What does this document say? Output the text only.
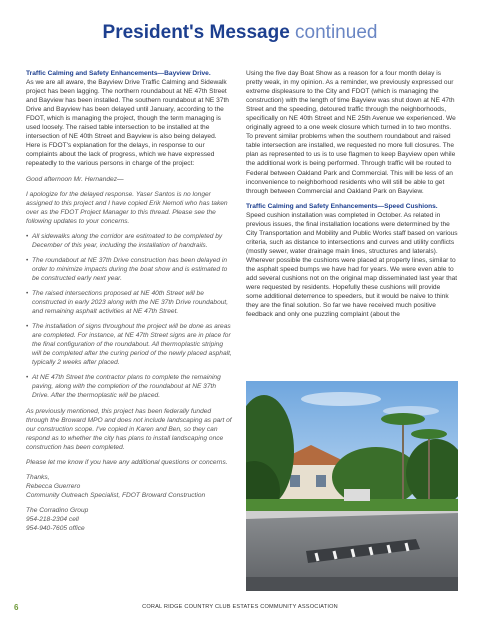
President's Message continued
Traffic Calming and Safety Enhancements—Bayview Drive.

As we are all aware, the Bayview Drive Traffic Calming and Sidewalk project has been lagging. The northern roundabout at NE 47th Street and Bayview has been installed. The southern roundabout at NE 37th Drive and Bayview has been delayed until January, according to the FDOT, which is managing the project, though the term managing is used loosely. The raised table intersection to be installed at the intersection of NE 40th Street and Bayview is also being delayed. Here is FDOT's explanation for the delays, in response to our complaints about the lack of progress, which we have expressed repeatedly to the various persons in charge of the project:

Good afternoon Mr. Hernandez—

I apologize for the delayed response. Yaser Santos is no longer assigned to this project and I have copied Erik Nemoti who has taken over as the FDOT Project Manager to this thread. Please see the following updates to your concerns.

• All sidewalks along the corridor are estimated to be completed by December of this year, including the installation of handrails.
• The roundabout at NE 37th Drive construction has been delayed in order to minimize impacts during the boat show and is estimated to be constructed early next year.
• The raised intersections proposed at NE 40th Street will be constructed in early 2023 along with the NE 37th Drive roundabout, and remaining asphalt activities at NE 47th Street.
• The installation of signs throughout the project will be done as areas are completed. For instance, at NE 47th Street signs are in place for the final configuration of the roundabout. All thermoplastic striping will be completed after the curing period of the newly placed asphalt, typically 2 weeks after placed.
• At NE 47th Street the contractor plans to complete the remaining paving, along with the completion of the roundabout at NE 37th Drive. After the thermoplastic will be placed.

As previously mentioned, this project has been federally funded through the Broward MPO and does not include landscaping as part of our construction scope. I've copied in Karen and Ben, so they can respond as to whether the city has plans to install landscaping once construction has been completed.

Please let me know if you have any additional questions or concerns.

Thanks,
Rebecca Guerrero
Community Outreach Specialist, FDOT Broward Construction
The Corradino Group
954-218-2304 cell
954-940-7605 office

Using the five day Boat Show as a reason for a four month delay is pretty weak, in my opinion. As a reminder, we previously expressed our extreme displeasure to the City and FDOT (which is managing the construction) with the length of time Bayview was shut down at NE 47th Street and the speeding, detoured traffic through the neighborhoods, specifically on NE 40th Street and NE 25th Avenue we experienced. We originally agreed to a one week closure which turned in to two months. To prevent similar problems when the southern roundabout and raised table intersection are installed, we requested no more full closures. The plan as represented to us is to use flagmen to keep Bayview open while the additional work is being performed. Through traffic will be routed to Federal between Oakland Park and Commercial. This will be less of an inconvenience to neighborhood residents who will still be able to get through between Commercial and Oakland Park on Bayview.

Traffic Calming and Safety Enhancements—Speed Cushions.

Speed cushion installation was completed in October. As related in previous issues, the final installation locations were determined by the City Transportation and Mobility and Public Works staff based on various criteria, such as distance to intersections and curves and utility conflicts (mostly sewer, water drainage main lines, structures and laterals). Wherever possible the cushions were placed at property lines, similar to the asphalt speed bumps we have had for years. We were even able to add several cushions not on the original map disseminated last year that were requested by residents. Hopefully these cushions will provide some additional deterrence to speeders, but it would be naive to think they are the final solution. So far we have received much positive feedback and only one puzzling complaint (about the

6	CORAL RIDGE COUNTRY CLUB ESTATES COMMUNITY ASSOCIATION
